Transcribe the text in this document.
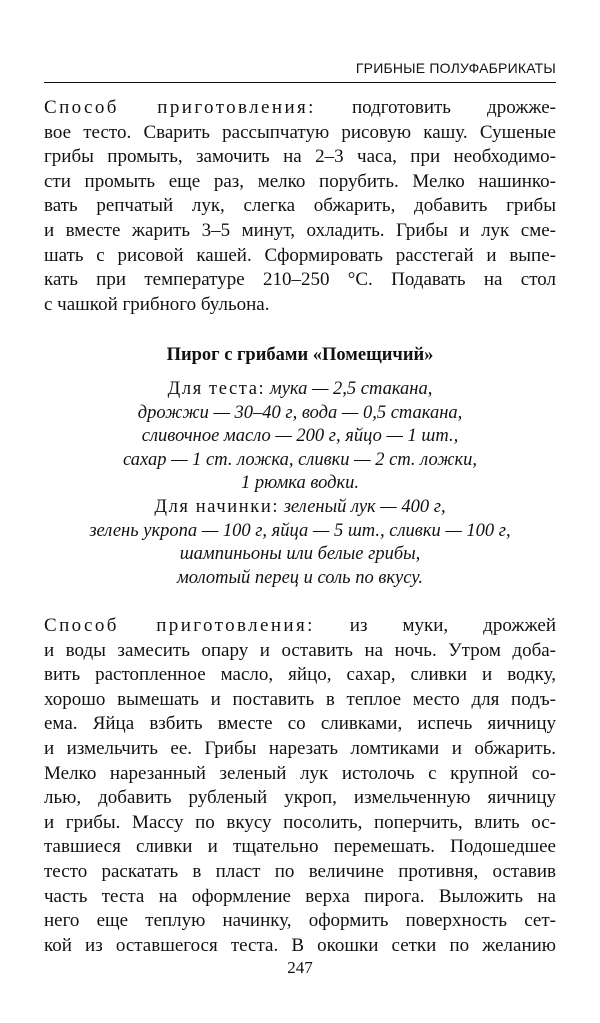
ГРИБНЫЕ ПОЛУФАБРИКАТЫ
Способ приготовления: подготовить дрожже-
вое тесто. Сварить рассыпчатую рисовую кашу. Сушеные
грибы промыть, замочить на 2–3 часа, при необходимо-
сти промыть еще раз, мелко порубить. Мелко нашинко-
вать репчатый лук, слегка обжарить, добавить грибы
и вместе жарить 3–5 минут, охладить. Грибы и лук сме-
шать с рисовой кашей. Сформировать расстегай и выпе-
кать при температуре 210–250 °С. Подавать на стол
с чашкой грибного бульона.
Пирог с грибами «Помещичий»
Для теста: мука — 2,5 стакана,
дрожжи — 30–40 г, вода — 0,5 стакана,
сливочное масло — 200 г, яйцо — 1 шт.,
сахар — 1 ст. ложка, сливки — 2 ст. ложки,
1 рюмка водки.
Для начинки: зеленый лук — 400 г,
зелень укропа — 100 г, яйца — 5 шт., сливки — 100 г,
шампиньоны или белые грибы,
молотый перец и соль по вкусу.
Способ приготовления: из муки, дрожжей
и воды замесить опару и оставить на ночь. Утром доба-
вить растопленное масло, яйцо, сахар, сливки и водку,
хорошо вымешать и поставить в теплое место для подъ-
ема. Яйца взбить вместе со сливками, испечь яичницу
и измельчить ее. Грибы нарезать ломтиками и обжарить.
Мелко нарезанный зеленый лук истолочь с крупной со-
лью, добавить рубленый укроп, измельченную яичницу
и грибы. Массу по вкусу посолить, поперчить, влить ос-
тавшиеся сливки и тщательно перемешать. Подошедшее
тесто раскатать в пласт по величине противня, оставив
часть теста на оформление верха пирога. Выложить на
него еще теплую начинку, оформить поверхность сет-
кой из оставшегося теста. В окошки сетки по желанию
247
